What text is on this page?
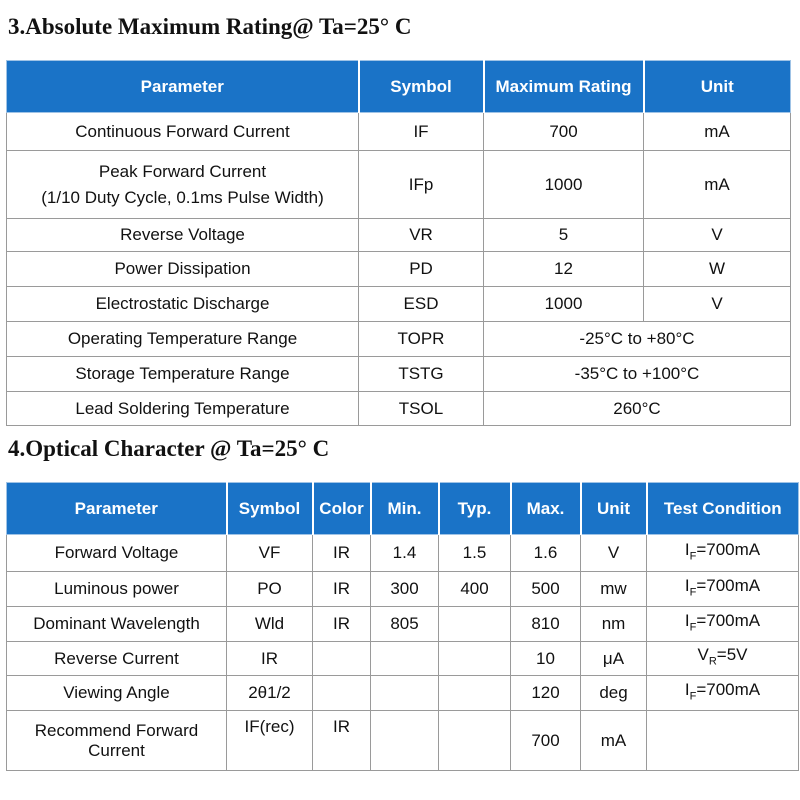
3.Absolute Maximum Rating@ Ta=25° C
Parameter	Symbol	Maximum Rating	Unit
Continuous Forward Current	IF	700	mA

Peak Forward Current
(1/10 Duty Cycle, 0.1ms Pulse Width)	IFp	1000	mA
Reverse Voltage	VR	5	V
Power Dissipation	PD	12	W
Electrostatic Discharge	ESD	1000	V
Operating Temperature Range	TOPR	-25°C to +80°C	
Storage Temperature Range	TSTG	-35°C to +100°C	
Lead Soldering Temperature	TSOL	260°C	
4.Optical Character @ Ta=25° C
Parameter	Symbol	Color	Min.	Typ.	Max.	Unit	Test Condition
Forward Voltage	VF	IR	1.4	1.5	1.6	V	$I_F=700mA$
Luminous power	PO	IR	300	400	500	mw	$I_F=700mA$
Dominant Wavelength	Wld	IR	805		810	nm	$I_F=700mA$
Reverse Current	IR				10	μA	$V_R=5V$
Viewing Angle	2θ1/2				120	deg	$I_F=700mA$
Recommend Forward Current	IF(rec)	IR			700	mA	
